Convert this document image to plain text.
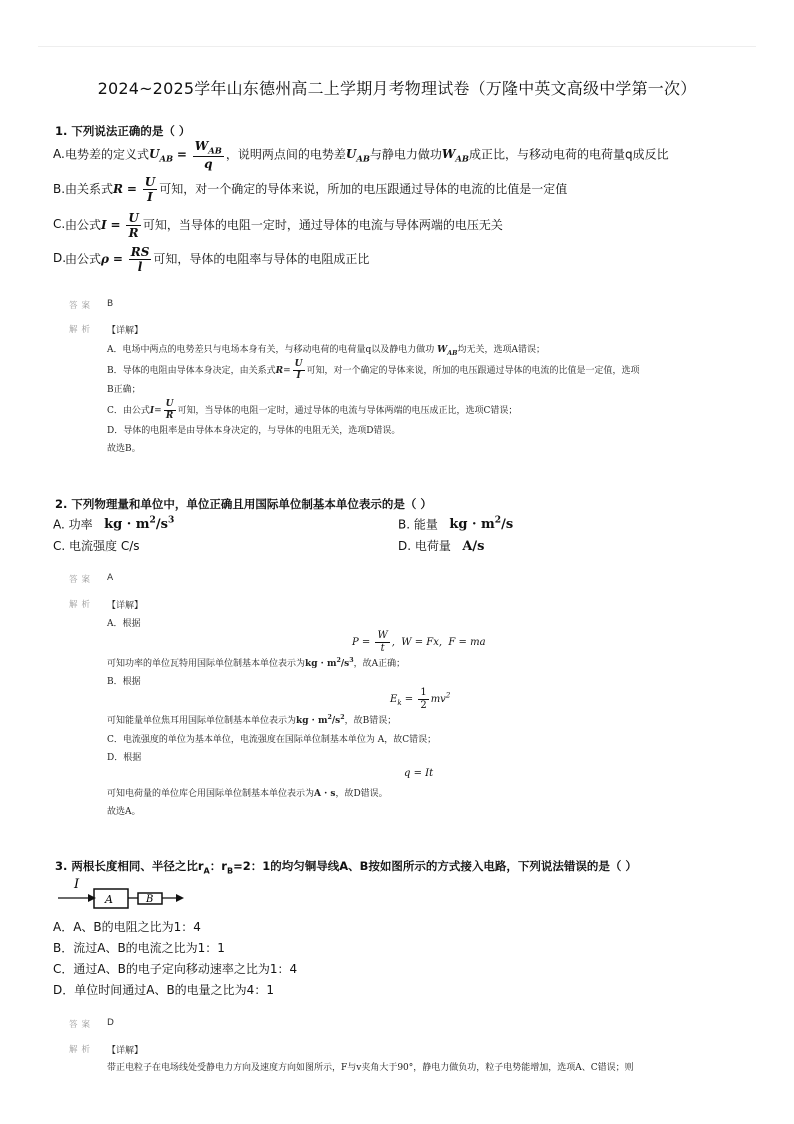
2024~2025学年山东德州高二上学期月考物理试卷（万隆中英文高级中学第一次）
1. 下列说法正确的是（ ）
A. 电势差的定义式$U_{AB} = \frac{W_{AB}}{q}$ ，说明两点间的电势差$U_{AB}$与静电力做功$W_{AB}$成正比，与移动电荷的电荷量q成反比
B. 由关系式$R = \frac{U}{I}$ 可知，对一个确定的导体来说，所加的电压跟通过导体的电流的比值是一定值
C. 由公式$I = \frac{U}{R}$ 可知，当导体的电阻一定时，通过导体的电流与导体两端的电压无关
D.
由公式$\rho = \frac{RS}{l}$ 可知，导体的电阻率与导体的电阻成正比
答案 B
解析 【详解】
A．电场中两点的电势差只与电场本身有关，与移动电荷的电荷量q以及静电力做功 $W_{AB}$均无关，选项A错误；
B．导体的电阻由导体本身决定，由关系式$R= \frac{U}{I}$ 可知，对一个确定的导体来说，所加的电压跟通过导体的电流的比值是一定值，选项
B正确；
C．由公式$I= \frac{U}{R}$ 可知，当导体的电阻一定时，通过导体的电流与导体两端的电压成正比，选项C错误；
D．导体的电阻率是由导体本身决定的，与导体的电阻无关，选项D错误。
故选B。
2. 下列物理量和单位中，单位正确且用国际单位制基本单位表示的是（ ）
A. 功率 kg · $m^2/s^3$	B. 能量 kg · $m^2/s$
C. 电流强度 C/s	D. 电荷量 A/s
答案 A
解析 【详解】
A．根据
$P = \frac{W}{t}$ ,  W = Fx,  F = ma
可知功率的单位瓦特用国际单位制基本单位表示为kg · $m^2/s^3$，故A正确；
B．根据
$E_k = \frac{1}{2} mv^2$
可知能量单位焦耳用国际单位制基本单位表示为kg · $m^2/s^2$，故B错误；
C．电流强度的单位为基本单位，电流强度在国际单位制基本单位为 A，故C错误；
D．根据
q = It
可知电荷量的单位库仑用国际单位制基本单位表示为A · s，故D错误。
故选A。
3. 两根长度相同、半径之比$r_A$：$r_B=2$：1的均匀铜导线A、B按如图所示的方式接入电路，下列说法错误的是（ ）
I
A	B
A．A、B的电阻之比为1：4
B．流过A、B的电流之比为1：1
C．通过A、B的电子定向移动速率之比为1：4
D．单位时间通过A、B的电量之比为4：1
答案 D
解析 【详解】
带正电粒子在电场线处受静电力方向及速度方向如图所示，F与v夹角大于90°，静电力做负功，粒子电势能增加，选项A、C错误；则
